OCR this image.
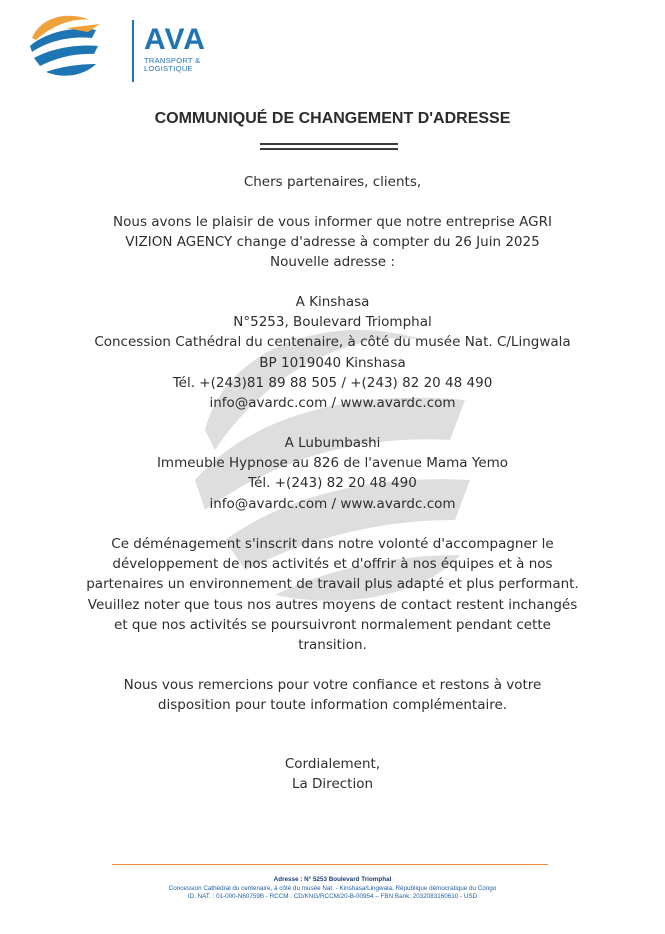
AVA
TRANSPORT &
LOGISTIQUE
COMMUNIQUÉ DE CHANGEMENT D'ADRESSE
Chers partenaires, clients,
Nous avons le plaisir de vous informer que notre entreprise AGRI
VIZION AGENCY change d'adresse à compter du 26 Juin 2025
Nouvelle adresse :
A Kinshasa
N°5253, Boulevard Triomphal
Concession Cathédral du centenaire, à côté du musée Nat. C/Lingwala
BP 1019040 Kinshasa
Tél. +(243)81 89 88 505 / +(243) 82 20 48 490
info@avardc.com / www.avardc.com
A Lubumbashi
Immeuble Hypnose au 826 de l'avenue Mama Yemo
Tél. +(243) 82 20 48 490
info@avardc.com / www.avardc.com
Ce déménagement s'inscrit dans notre volonté d'accompagner le
développement de nos activités et d'offrir à nos équipes et à nos
partenaires un environnement de travail plus adapté et plus performant.
Veuillez noter que tous nos autres moyens de contact restent inchangés
et que nos activités se poursuivront normalement pendant cette
transition.
Nous vous remercions pour votre confiance et restons à votre
disposition pour toute information complémentaire.
Cordialement,
La Direction
Adresse : N° 5253 Boulevard Triomphal
Concession Cathédral du centenaire, à côté du musée Nat. - Kinshasa/Lingwala, République démocratique du Congo
ID. NAT. : 01-000-N60759B - RCCM : CD/KNG/RCCM/20-B-00954 – FBN Bank: 2032083160610 - USD
